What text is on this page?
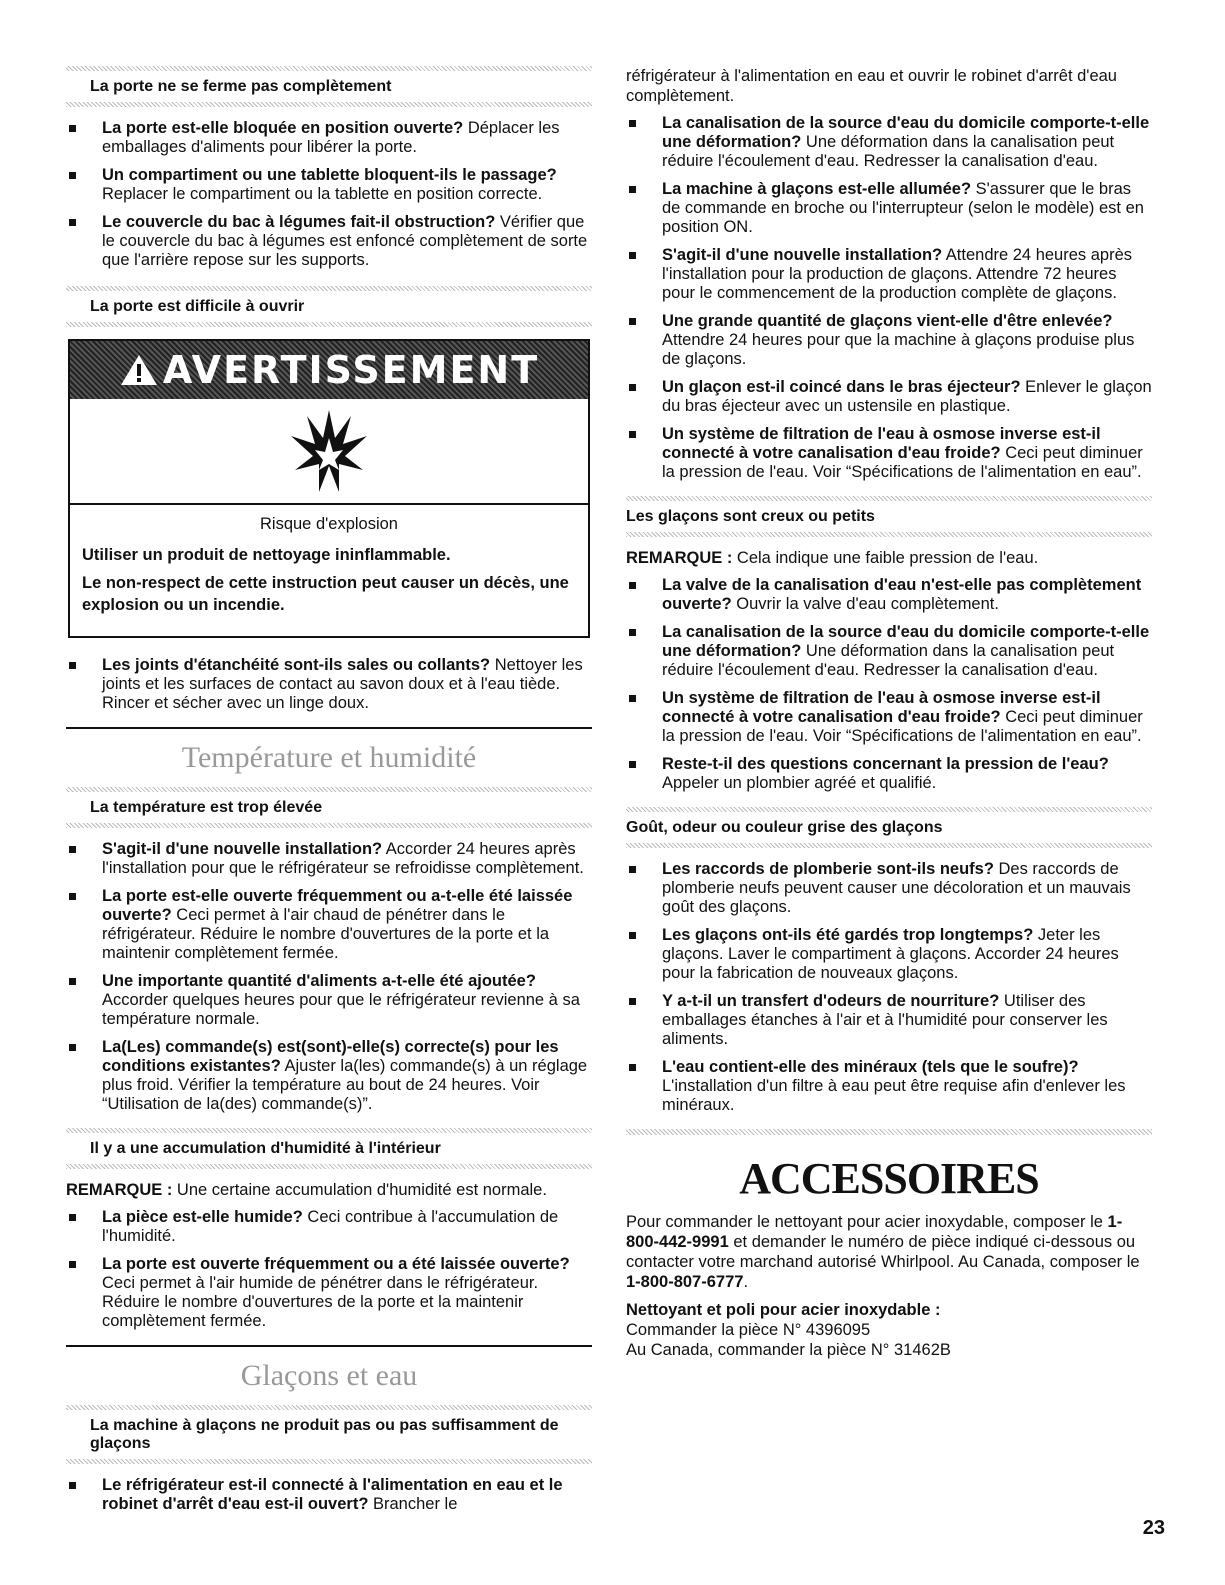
La porte ne se ferme pas complètement
La porte est-elle bloquée en position ouverte? Déplacer les emballages d'aliments pour libérer la porte.
Un compartiment ou une tablette bloquent-ils le passage? Replacer le compartiment ou la tablette en position correcte.
Le couvercle du bac à légumes fait-il obstruction? Vérifier que le couvercle du bac à légumes est enfoncé complètement de sorte que l'arrière repose sur les supports.
La porte est difficile à ouvrir
AVERTISSEMENT
Risque d'explosion
Utiliser un produit de nettoyage ininflammable.
Le non-respect de cette instruction peut causer un décès, une explosion ou un incendie.
Les joints d'étanchéité sont-ils sales ou collants? Nettoyer les joints et les surfaces de contact au savon doux et à l'eau tiède. Rincer et sécher avec un linge doux.
Température et humidité
La température est trop élevée
S'agit-il d'une nouvelle installation? Accorder 24 heures après l'installation pour que le réfrigérateur se refroidisse complètement.
La porte est-elle ouverte fréquemment ou a-t-elle été laissée ouverte? Ceci permet à l'air chaud de pénétrer dans le réfrigérateur. Réduire le nombre d'ouvertures de la porte et la maintenir complètement fermée.
Une importante quantité d'aliments a-t-elle été ajoutée? Accorder quelques heures pour que le réfrigérateur revienne à sa température normale.
La(Les) commande(s) est(sont)-elle(s) correcte(s) pour les conditions existantes? Ajuster la(les) commande(s) à un réglage plus froid. Vérifier la température au bout de 24 heures. Voir “Utilisation de la(des) commande(s)”.
Il y a une accumulation d'humidité à l'intérieur

REMARQUE : Une certaine accumulation d'humidité est normale.

La pièce est-elle humide? Ceci contribue à l'accumulation de l'humidité.
La porte est ouverte fréquemment ou a été laissée ouverte? Ceci permet à l'air humide de pénétrer dans le réfrigérateur. Réduire le nombre d'ouvertures de la porte et la maintenir complètement fermée.
Glaçons et eau
La machine à glaçons ne produit pas ou pas suffisamment de glaçons
Le réfrigérateur est-il connecté à l'alimentation en eau et le robinet d'arrêt d'eau est-il ouvert? Brancher le

réfrigérateur à l'alimentation en eau et ouvrir le robinet d'arrêt d'eau complètement.

La canalisation de la source d'eau du domicile comporte-t-elle une déformation? Une déformation dans la canalisation peut réduire l'écoulement d'eau. Redresser la canalisation d'eau.
La machine à glaçons est-elle allumée? S'assurer que le bras de commande en broche ou l'interrupteur (selon le modèle) est en position ON.
S'agit-il d'une nouvelle installation? Attendre 24 heures après l'installation pour la production de glaçons. Attendre 72 heures pour le commencement de la production complète de glaçons.
Une grande quantité de glaçons vient-elle d'être enlevée? Attendre 24 heures pour que la machine à glaçons produise plus de glaçons.
Un glaçon est-il coincé dans le bras éjecteur? Enlever le glaçon du bras éjecteur avec un ustensile en plastique.
Un système de filtration de l'eau à osmose inverse est-il connecté à votre canalisation d'eau froide? Ceci peut diminuer la pression de l'eau. Voir “Spécifications de l'alimentation en eau”.
Les glaçons sont creux ou petits

REMARQUE : Cela indique une faible pression de l'eau.

La valve de la canalisation d'eau n'est-elle pas complètement ouverte? Ouvrir la valve d'eau complètement.
La canalisation de la source d'eau du domicile comporte-t-elle une déformation? Une déformation dans la canalisation peut réduire l'écoulement d'eau. Redresser la canalisation d'eau.
Un système de filtration de l'eau à osmose inverse est-il connecté à votre canalisation d'eau froide? Ceci peut diminuer la pression de l'eau. Voir “Spécifications de l'alimentation en eau”.
Reste-t-il des questions concernant la pression de l'eau? Appeler un plombier agréé et qualifié.
Goût, odeur ou couleur grise des glaçons
Les raccords de plomberie sont-ils neufs? Des raccords de plomberie neufs peuvent causer une décoloration et un mauvais goût des glaçons.
Les glaçons ont-ils été gardés trop longtemps? Jeter les glaçons. Laver le compartiment à glaçons. Accorder 24 heures pour la fabrication de nouveaux glaçons.
Y a-t-il un transfert d'odeurs de nourriture? Utiliser des emballages étanches à l'air et à l'humidité pour conserver les aliments.
L'eau contient-elle des minéraux (tels que le soufre)? L'installation d'un filtre à eau peut être requise afin d'enlever les minéraux.
ACCESSOIRES

Pour commander le nettoyant pour acier inoxydable, composer le 1-800-442-9991 et demander le numéro de pièce indiqué ci-dessous ou contacter votre marchand autorisé Whirlpool. Au Canada, composer le 1-800-807-6777.

Nettoyant et poli pour acier inoxydable :
Commander la pièce N° 4396095

Au Canada, commander la pièce N° 31462B

23
